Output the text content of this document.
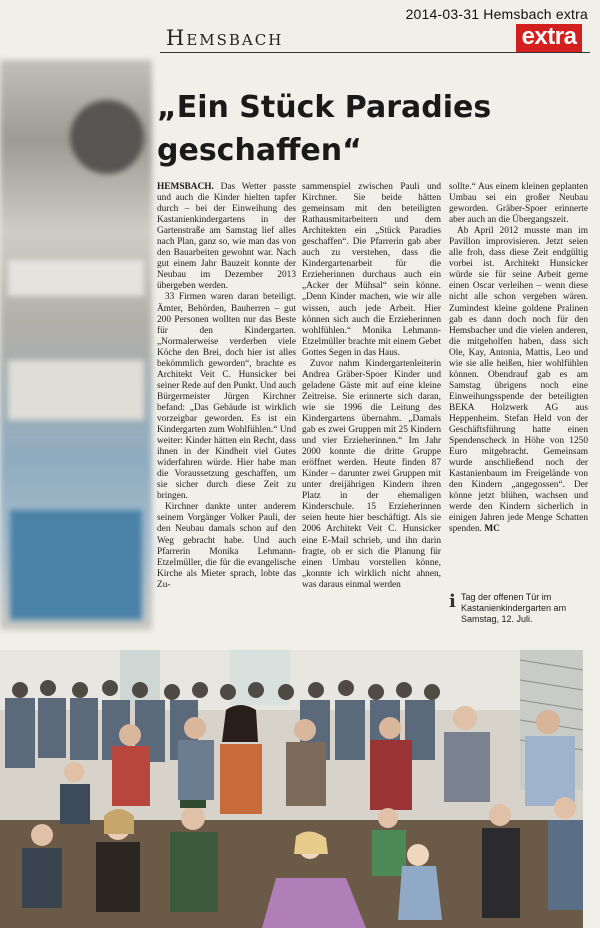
2014-03-31 Hemsbach extra
Hemsbach	extra
„Ein Stück Paradies
geschaffen“

HEMSBACH. Das Wetter passte und auch die Kinder hielten tapfer durch – bei der Einweihung des Kastanienkindergartens in der Gartenstraße am Samstag lief alles nach Plan, ganz so, wie man das von den Bauarbeiten gewohnt war. Nach gut einem Jahr Bauzeit konnte der Neubau im Dezember 2013 übergeben werden.

33 Firmen waren daran beteiligt. Ämter, Behörden, Bauherren – gut 200 Personen wollten nur das Beste für den Kindergarten. „Normalerweise verderben viele Köche den Brei, doch hier ist alles bekömmlich geworden“, brachte es Architekt Veit C. Hunsicker bei seiner Rede auf den Punkt. Und auch Bürgermeister Jürgen Kirchner befand: „Das Gebäude ist wirklich vorzeigbar geworden. Es ist ein Kindergarten zum Wohlfühlen.“ Und weiter: Kinder hätten ein Recht, dass ihnen in der Kindheit viel Gutes widerfahren würde. Hier habe man die Voraussetzung geschaffen, um sie sicher durch diese Zeit zu bringen.

Kirchner dankte unter anderem seinem Vorgänger Volker Pauli, der den Neubau damals schon auf den Weg gebracht habe. Und auch Pfarrerin Monika Lehmann-Etzelmüller, die für die evangelische Kirche als Mieter sprach, lobte das Zu-

sammenspiel zwischen Pauli und Kirchner. Sie beide hätten gemeinsam mit den beteiligten Rathausmitarbeitern und dem Architekten ein „Stück Paradies geschaffen“. Die Pfarrerin gab aber auch zu verstehen, dass die Kindergartenarbeit für die Erzieherinnen durchaus auch ein „Acker der Mühsal“ sein könne. „Denn Kinder machen, wie wir alle wissen, auch jede Arbeit. Hier können sich auch die Erzieherinnen wohlfühlen.“ Monika Lehmann-Etzelmüller brachte mit einem Gebet Gottes Segen in das Haus.

Zuvor nahm Kindergartenleiterin Andrea Gräber-Spoer Kinder und geladene Gäste mit auf eine kleine Zeitreise. Sie erinnerte sich daran, wie sie 1996 die Leitung des Kindergartens übernahm. „Damals gab es zwei Gruppen mit 25 Kindern und vier Erzieherinnen.“ Im Jahr 2000 konnte die dritte Gruppe eröffnet werden. Heute finden 87 Kinder – darunter zwei Gruppen mit unter dreijährigen Kindern ihren Platz in der ehemaligen Kinderschule. 15 Erzieherinnen seien heute hier beschäftigt. Als sie 2006 Architekt Veit C. Hunsicker eine E-Mail schrieb, und ihn darin fragte, ob er sich die Planung für einen Umbau vorstellen könne, „konnte ich wirklich nicht ahnen, was daraus einmal werden

sollte.“ Aus einem kleinen geplanten Umbau sei ein großer Neubau geworden. Gräber-Spoer erinnerte aber auch an die Übergangszeit.

Ab April 2012 musste man im Pavillon improvisieren. Jetzt seien alle froh, dass diese Zeit endgültig vorbei ist. Architekt Hunsicker würde sie für seine Arbeit gerne einen Oscar verleihen – wenn diese nicht alle schon vergeben wären. Zumindest kleine goldene Pralinen gab es dann doch noch für den Hemsbacher und die vielen anderen, die mitgeholfen haben, dass sich Ole, Kay, Antonia, Mattis, Leo und wie sie alle heißen, hier wohlfühlen können. Obendrauf gab es am Samstag übrigens noch eine Einweihungsspende der beteiligten BEKA Holzwerk AG aus Heppenheim. Stefan Held von der Geschäftsführung hatte einen Spendenscheck in Höhe von 1250 Euro mitgebracht. Gemeinsam wurde anschließend noch der Kastanienbaum im Freigelände von den Kindern „angegossen“. Der könne jetzt blühen, wachsen und werde den Kindern sicherlich in einigen Jahren jede Menge Schatten spenden. MC

i Tag der offenen Tür im Kastanienkindergarten am Samstag, 12. Juli.
